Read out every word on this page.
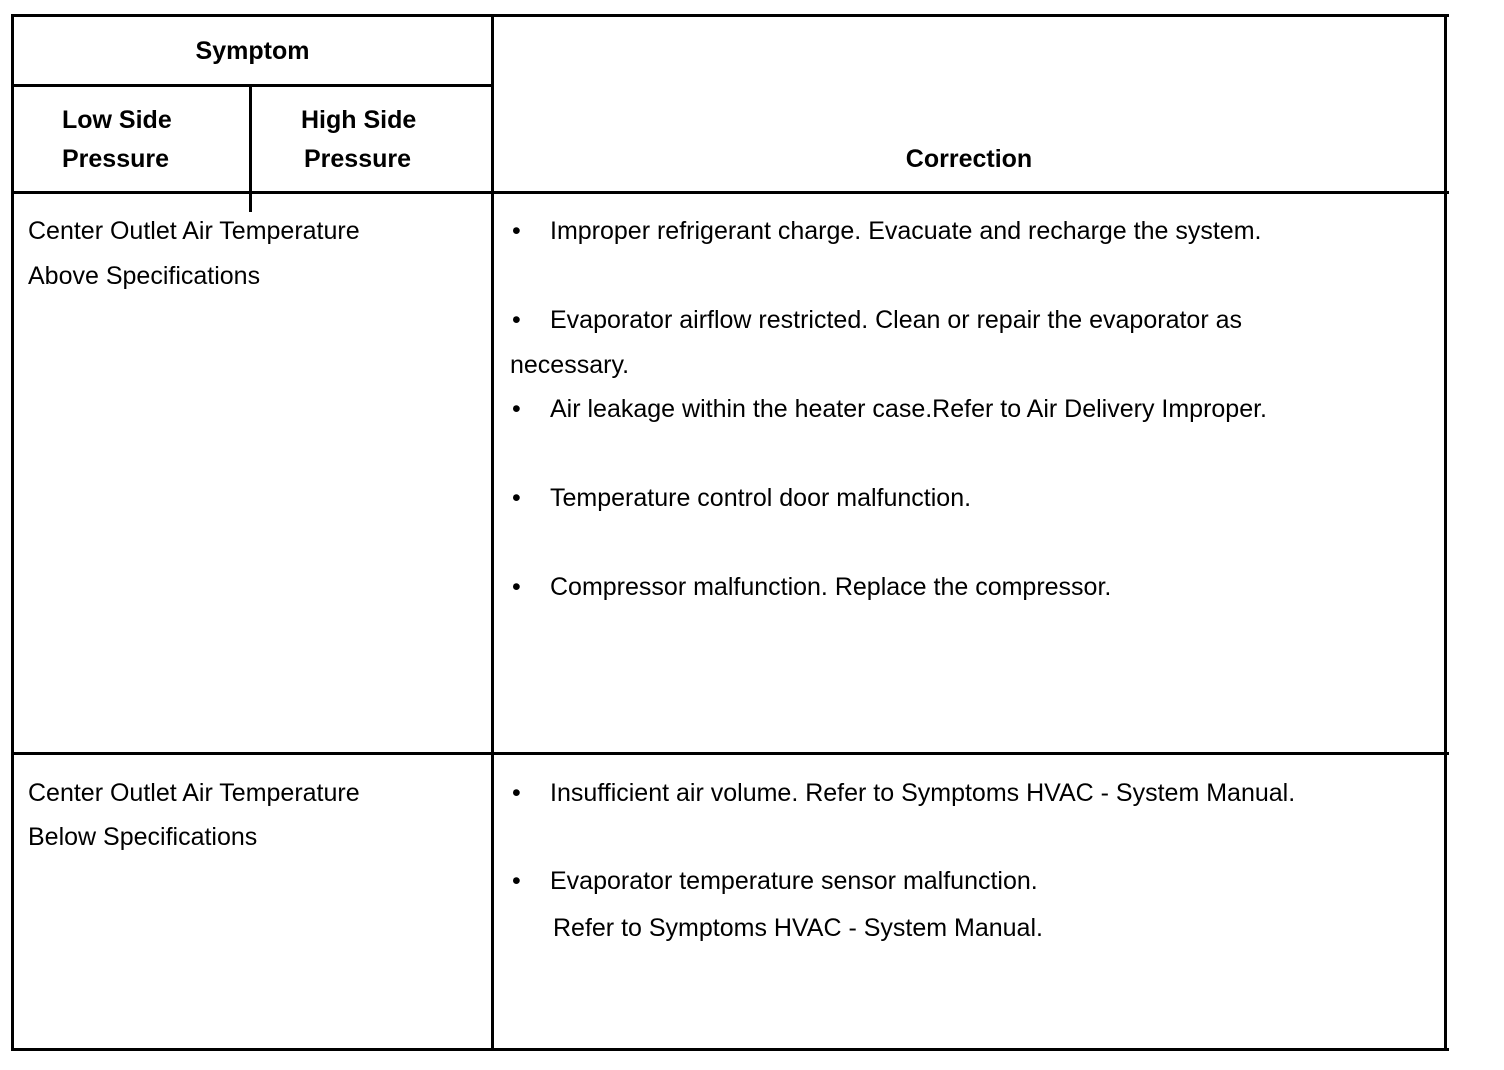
Symptom
Low Side
Pressure
High Side
Pressure	Correction
Center Outlet Air Temperature
Above Specifications
• Improper refrigerant charge. Evacuate and recharge the system.
• Evaporator airflow restricted. Clean or repair the evaporator as
necessary.
• Air leakage within the heater case.Refer to Air Delivery Improper.
• Temperature control door malfunction.
• Compressor malfunction. Replace the compressor.
Center Outlet Air Temperature
Below Specifications
• Insufficient air volume. Refer to Symptoms HVAC - System Manual.
• Evaporator temperature sensor malfunction.
Refer to Symptoms HVAC - System Manual.
